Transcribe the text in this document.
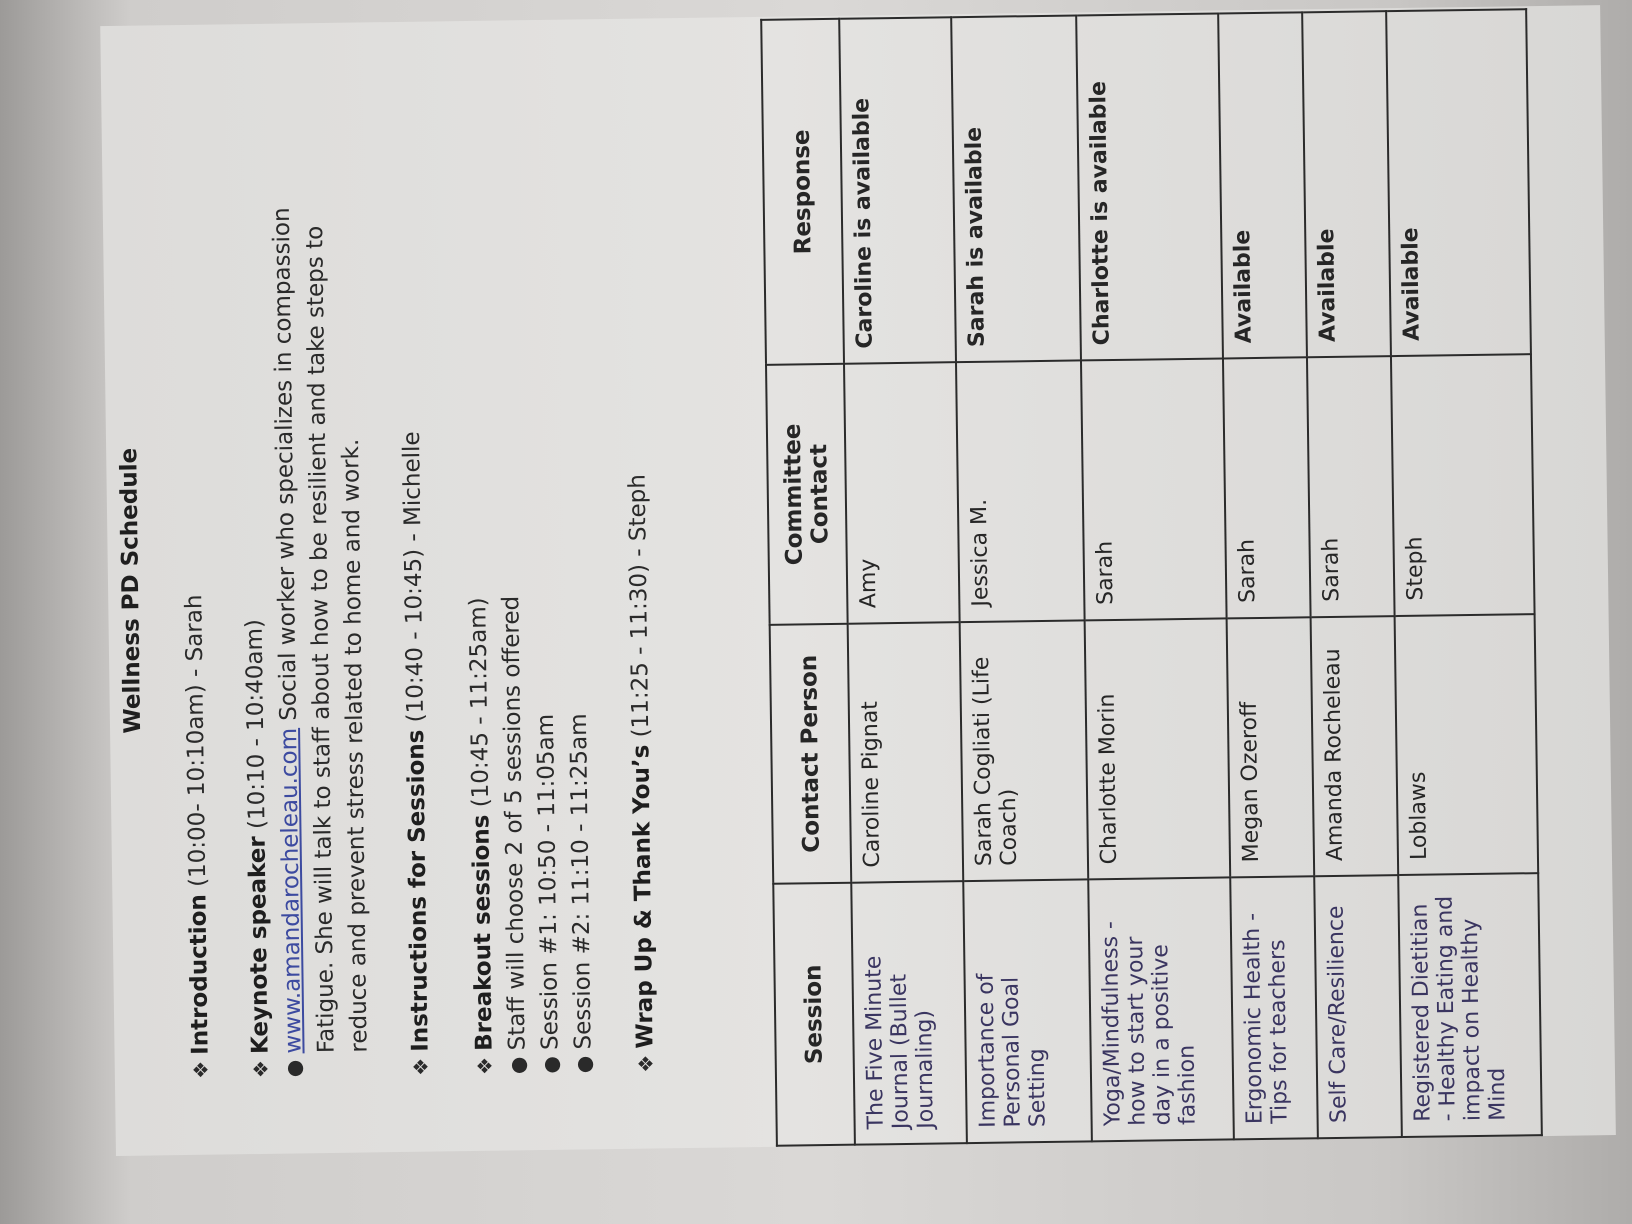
Wellness PD Schedule
❖
Introduction (10:00- 10:10am) - Sarah
❖
Keynote speaker (10:10 - 10:40am)
●
www.amandarocheleau.com Social worker who specializes in compassion Fatigue. She will talk to staff about how to be resilient and take steps to
reduce and prevent stress related to home and work.
❖
Instructions for Sessions (10:40 - 10:45) - Michelle
❖
Breakout sessions (10:45 - 11:25am)
●
Staff will choose 2 of 5 sessions offered
●
Session #1: 10:50 - 11:05am
●
Session #2: 11:10 - 11:25am
❖
Wrap Up & Thank You’s (11:25 - 11:30) - Steph
Session	Contact Person	Committee Contact	Response
The Five Minute Journal (Bullet Journaling)	Caroline Pignat	Amy	Caroline is available
Importance of Personal Goal Setting	Sarah Cogliati (Life Coach)	Jessica M.	Sarah is available
Yoga/Mindfulness - how to start your day in a positive fashion	Charlotte Morin	Sarah	Charlotte is available
Ergonomic Health - Tips for teachers	Megan Ozeroff	Sarah	Available
Self Care/Resilience	Amanda Rocheleau	Sarah	Available
Registered Dietitian - Healthy Eating and impact on Healthy Mind	Loblaws	Steph	Available
